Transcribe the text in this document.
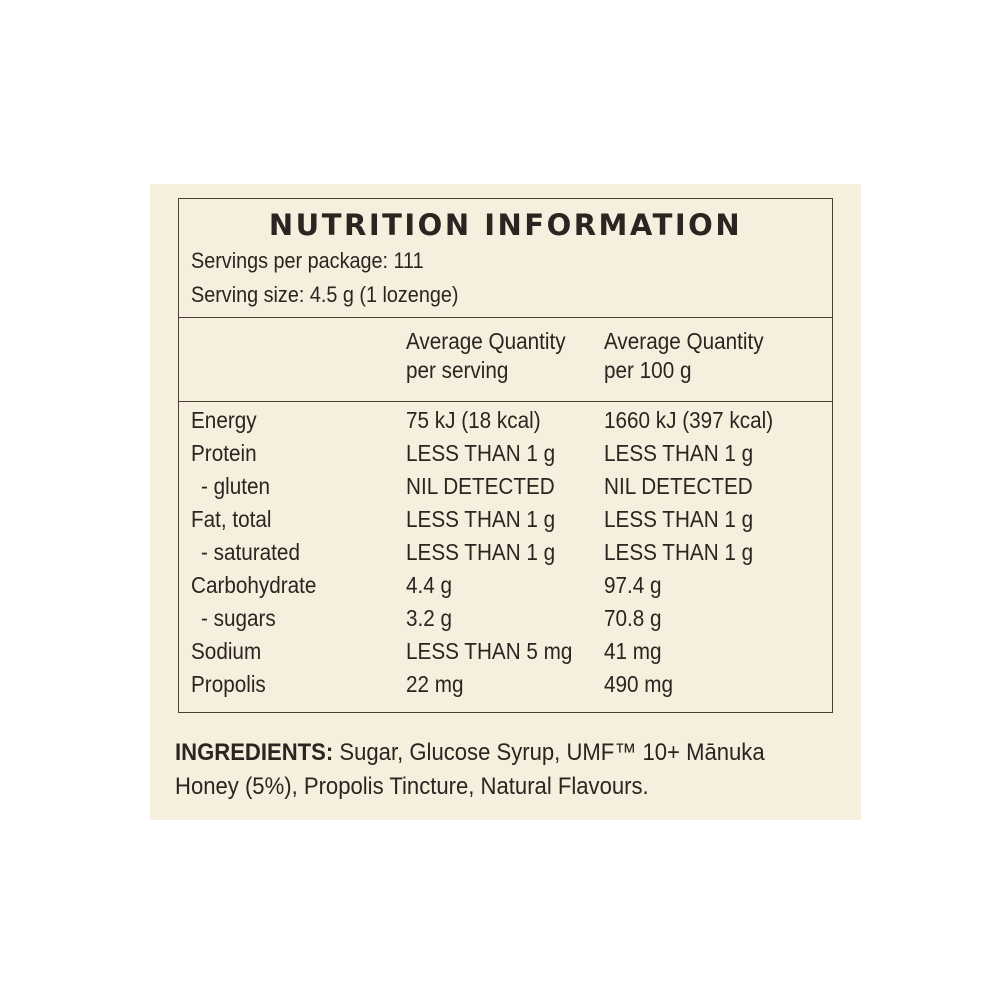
NUTRITION INFORMATION
Servings per package: 111
Serving size: 4.5 g (1 lozenge)
Average Quantity
per serving
Average Quantity
per 100 g
Energy	75 kJ (18 kcal)	1660 kJ (397 kcal)
Protein	LESS THAN 1 g LESS THAN 1 g
- gluten	NIL DETECTED NIL DETECTED
Fat, total	LESS THAN 1 g LESS THAN 1 g
- saturated	LESS THAN 1 g LESS THAN 1 g
Carbohydrate	4.4 g	97.4 g
- sugars	3.2 g	70.8 g
Sodium	LESS THAN 5 mg 41 mg
Propolis	22 mg	490 mg
INGREDIENTS: Sugar, Glucose Syrup, UMF™ 10+ Mānuka Honey (5%), Propolis Tincture, Natural Flavours.
